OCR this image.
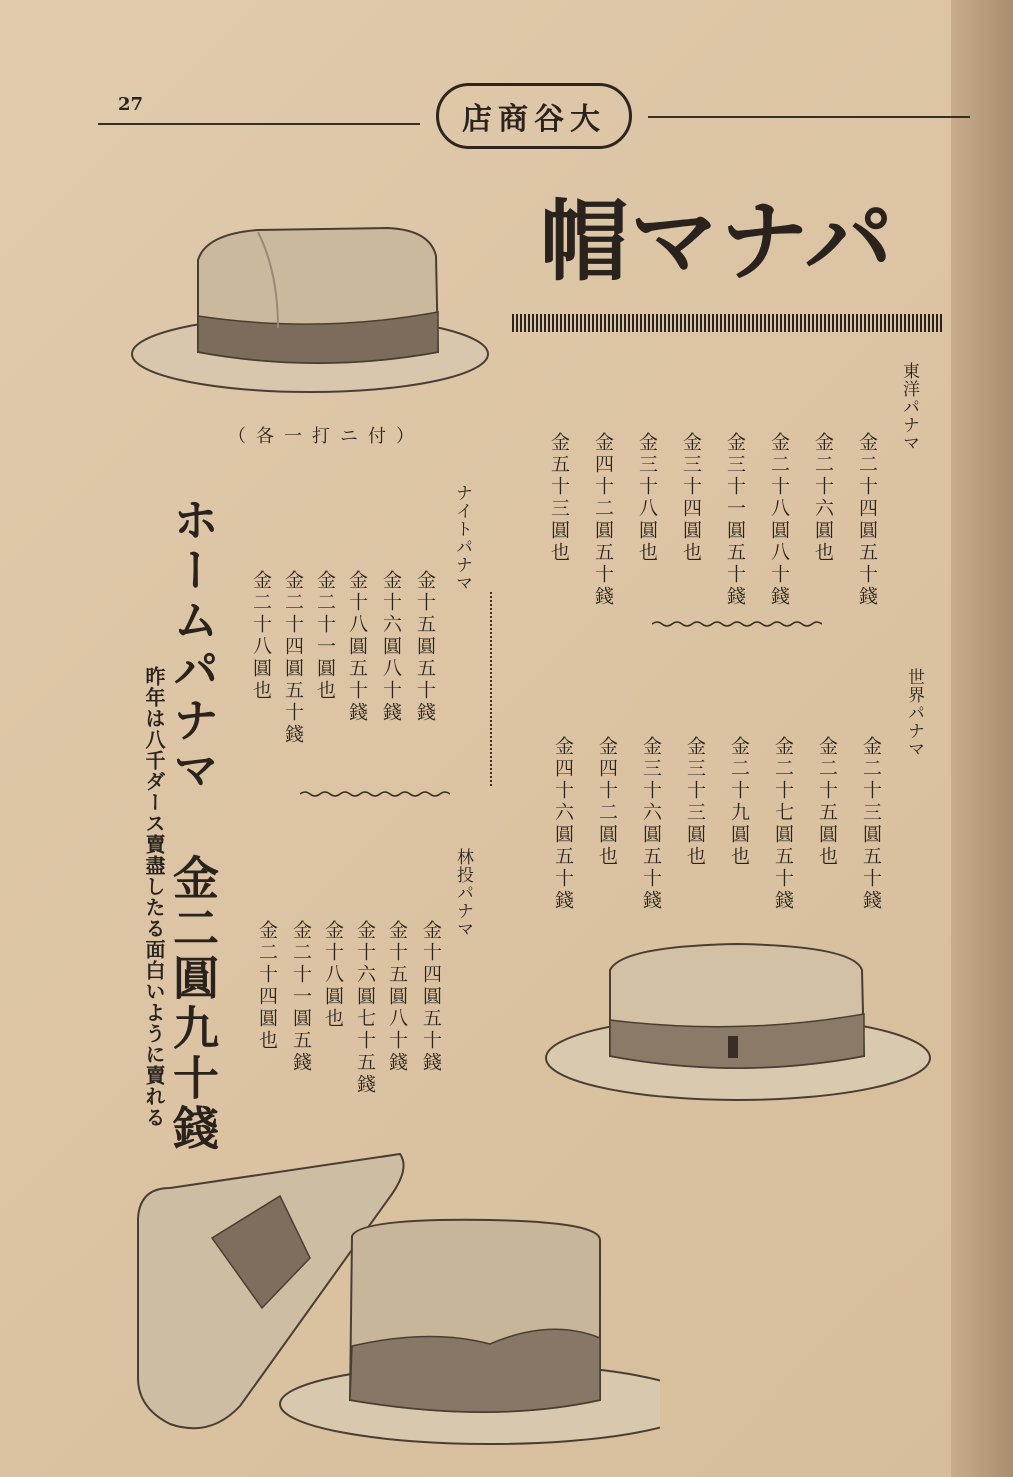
27	大谷商店
パナマ帽
（各一打ニ付）	東洋パナマ
金二十四圓五十錢
金二十六圓也
金二十八圓八十錢
金三十一圓五十錢
金三十四圓也
金三十八圓也
金四十二圓五十錢
金五十三圓也
世界パナマ
金二十三圓五十錢
金二十五圓也
金二十七圓五十錢
金二十九圓也
金三十三圓也
金三十六圓五十錢
金四十二圓也
金四十六圓五十錢
ナイトパナマ
金十五圓五十錢
金十六圓八十錢
金十八圓五十錢
金二十一圓也
金二十四圓五十錢
金二十八圓也
林投パナマ
金十四圓五十錢
金十五圓八十錢
金十六圓七十五錢
金十八圓也
金二十一圓五錢
金二十四圓也
ホームパナマ 金二圓九十錢
昨年は八千ダース賣盡したる面白いように賣れる
